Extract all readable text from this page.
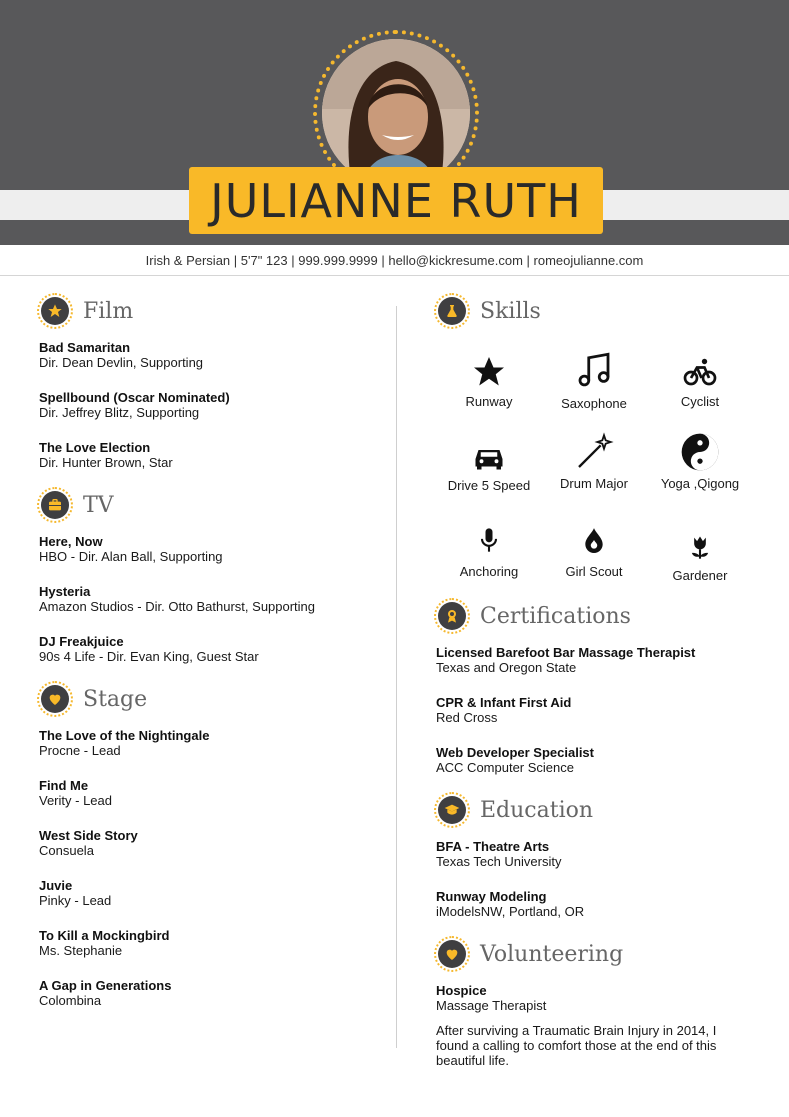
JULIANNE RUTH
Irish & Persian | 5'7" 123 | 999.999.9999 | hello@kickresume.com | romeojulianne.com
Film
Bad Samaritan
Dir. Dean Devlin, Supporting
Spellbound (Oscar Nominated)
Dir. Jeffrey Blitz, Supporting
The Love Election
Dir. Hunter Brown, Star
TV
Here, Now
HBO - Dir. Alan Ball, Supporting
Hysteria
Amazon Studios - Dir. Otto Bathurst, Supporting
DJ Freakjuice
90s 4 Life - Dir. Evan King, Guest Star
Stage
The Love of the Nightingale
Procne - Lead
Find Me
Verity - Lead
West Side Story
Consuela
Juvie
Pinky - Lead
To Kill a Mockingbird
Ms. Stephanie
A Gap in Generations
Colombina
Skills
Runway	Saxophone	Cyclist
Drive 5 Speed	Drum Major	Yoga ,Qigong
Anchoring	Girl Scout	Gardener
Certifications
Licensed Barefoot Bar Massage Therapist
Texas and Oregon State
CPR & Infant First Aid
Red Cross
Web Developer Specialist
ACC Computer Science
Education
BFA - Theatre Arts
Texas Tech University
Runway Modeling
iModelsNW, Portland, OR
Volunteering
Hospice
Massage Therapist
After surviving a Traumatic Brain Injury in 2014, I found a calling to comfort those at the end of this beautiful life.
